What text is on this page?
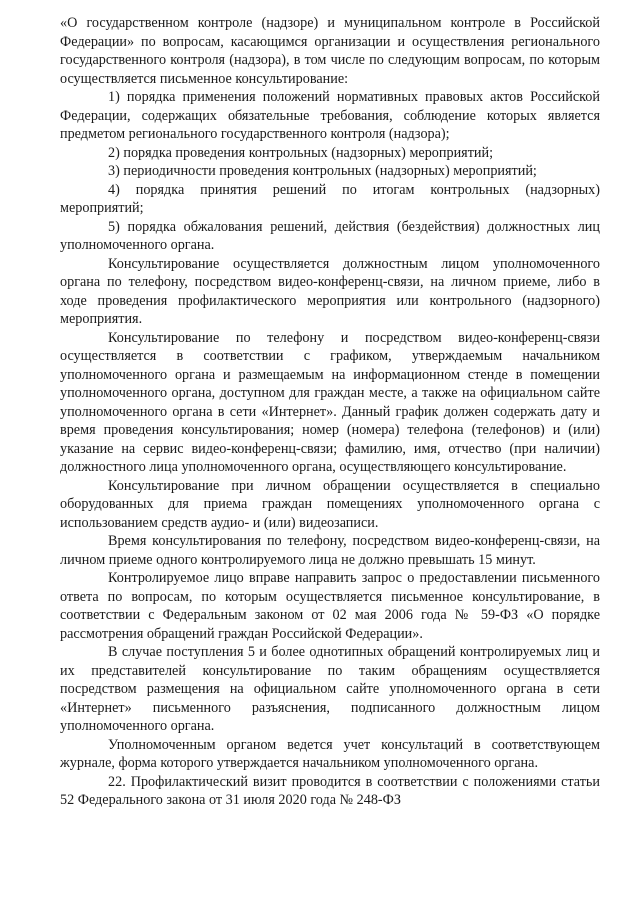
«О государственном контроле (надзоре) и муниципальном контроле в Российской Федерации» по вопросам, касающимся организации и осуществления регионального государственного контроля (надзора), в том числе по следующим вопросам, по которым осуществляется письменное консультирование:

1) порядка применения положений нормативных правовых актов Российской Федерации, содержащих обязательные требования, соблюдение которых является предметом регионального государственного контроля (надзора);

2) порядка проведения контрольных (надзорных) мероприятий;

3) периодичности проведения контрольных (надзорных) мероприятий;

4) порядка принятия решений по итогам контрольных (надзорных) мероприятий;

5) порядка обжалования решений, действия (бездействия) должностных лиц уполномоченного органа.

Консультирование осуществляется должностным лицом уполномоченного органа по телефону, посредством видео-конференц-связи, на личном приеме, либо в ходе проведения профилактического мероприятия или контрольного (надзорного) мероприятия.

Консультирование по телефону и посредством видео-конференц-связи осуществляется в соответствии с графиком, утверждаемым начальником уполномоченного органа и размещаемым на информационном стенде в помещении уполномоченного органа, доступном для граждан месте, а также на официальном сайте уполномоченного органа в сети «Интернет». Данный график должен содержать дату и время проведения консультирования; номер (номера) телефона (телефонов) и (или) указание на сервис видео-конференц-связи; фамилию, имя, отчество (при наличии) должностного лица уполномоченного органа, осуществляющего консультирование.

Консультирование при личном обращении осуществляется в специально оборудованных для приема граждан помещениях уполномоченного органа с использованием средств аудио- и (или) видеозаписи.

Время консультирования по телефону, посредством видео-конференц-связи, на личном приеме одного контролируемого лица не должно превышать 15 минут.

Контролируемое лицо вправе направить запрос о предоставлении письменного ответа по вопросам, по которым осуществляется письменное консультирование, в соответствии с Федеральным законом от 02 мая 2006 года № 59-ФЗ «О порядке рассмотрения обращений граждан Российской Федерации».

В случае поступления 5 и более однотипных обращений контролируемых лиц и их представителей консультирование по таким обращениям осуществляется посредством размещения на официальном сайте уполномоченного органа в сети «Интернет» письменного разъяснения, подписанного должностным лицом уполномоченного органа.

Уполномоченным органом ведется учет консультаций в соответствующем журнале, форма которого утверждается начальником уполномоченного органа.

22. Профилактический визит проводится в соответствии с положениями статьи 52 Федерального закона от 31 июля 2020 года № 248-ФЗ
